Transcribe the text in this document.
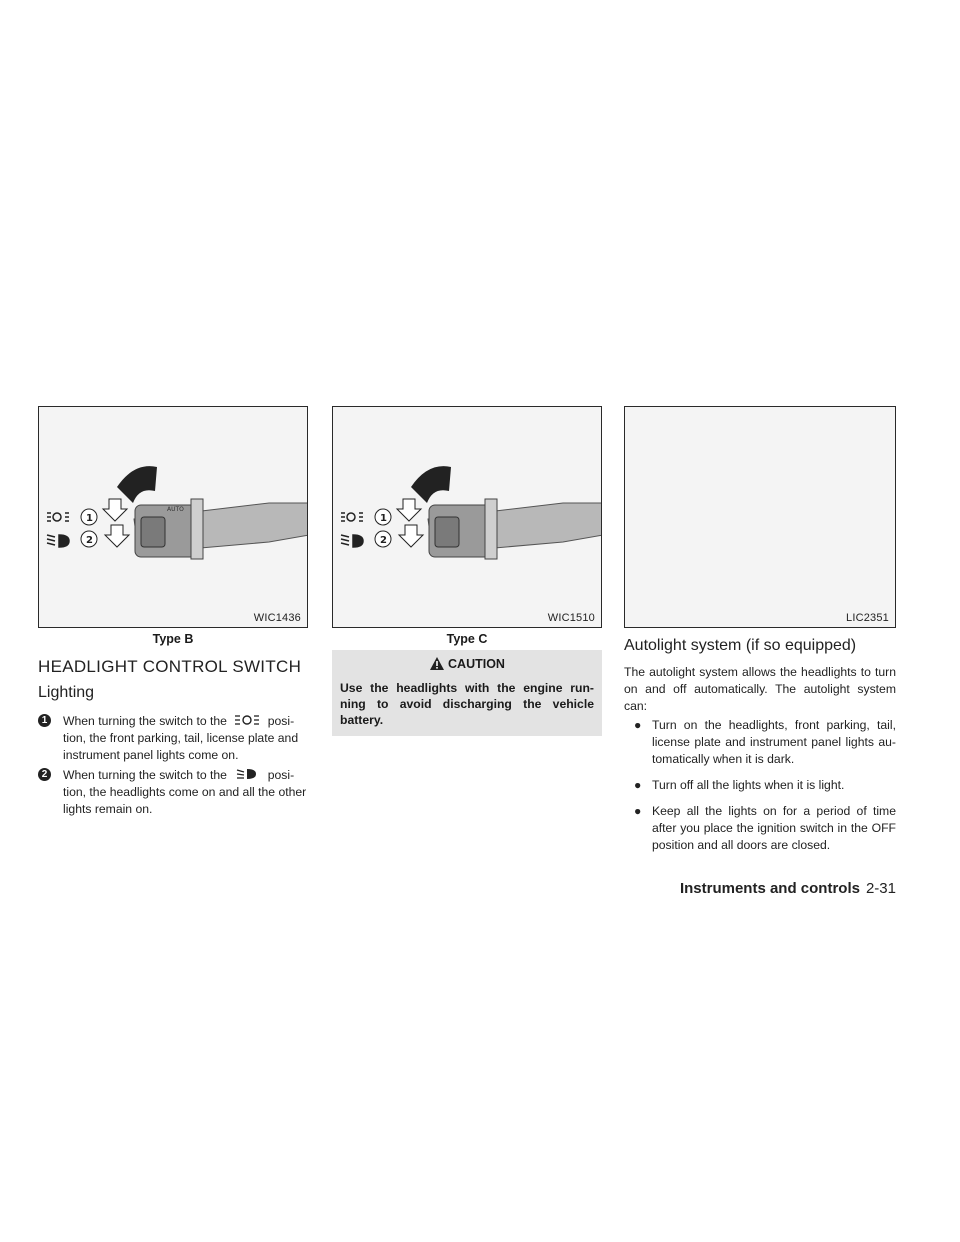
AUTO
1
2
WIC1436
Type B
1
2
WIC1510
Type C
LIC2351
HEADLIGHT CONTROL SWITCH
Lighting
1	When turning the switch to the	posi- tion, the front parking, tail, license plate and instrument panel lights come on.
2	When turning the switch to the	posi- tion, the headlights come on and all the other lights remain on.
CAUTION
Use the headlights with the engine run- ning to avoid discharging the vehicle battery.
Autolight system (if so equipped)
The autolight system allows the headlights to turn on and off automatically. The autolight system can:
● Turn on the headlights, front parking, tail, license plate and instrument panel lights au- tomatically when it is dark.
● Turn off all the lights when it is light.
● Keep all the lights on for a period of time after you place the ignition switch in the OFF position and all doors are closed.
Instruments and controls 2-31
